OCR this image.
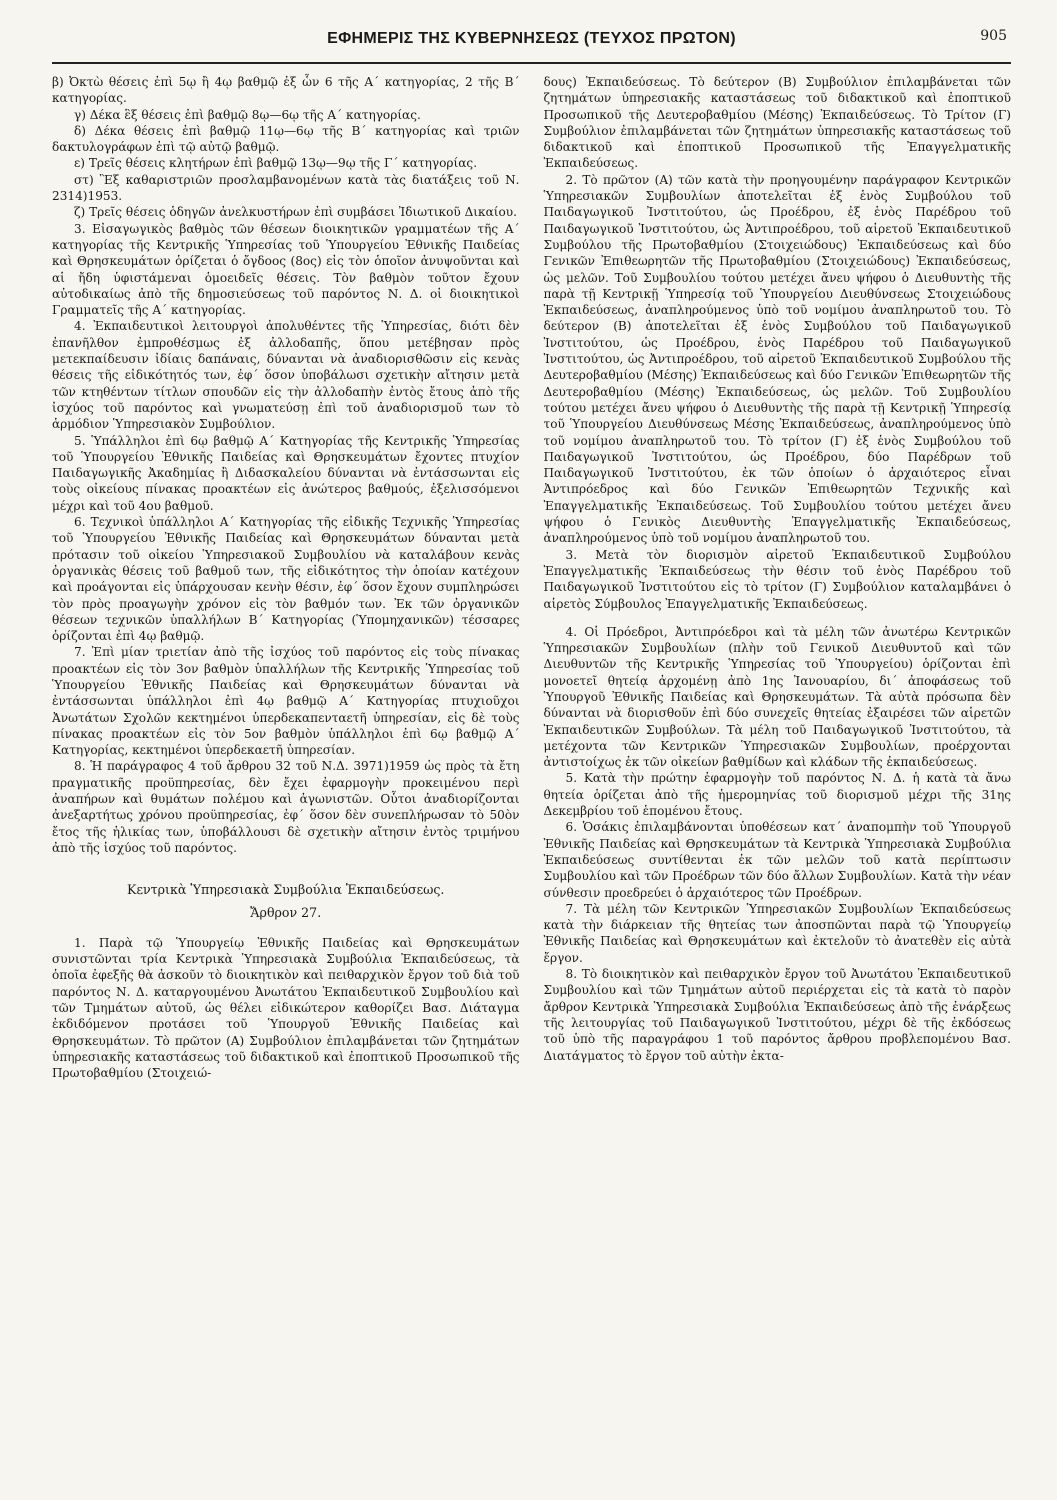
ΕΦΗΜΕΡΙΣ ΤΗΣ ΚΥΒΕΡΝΗΣΕΩΣ (ΤΕΥΧΟΣ ΠΡΩΤΟΝ)	905

β) Ὀκτὼ θέσεις ἐπὶ 5ῳ ἢ 4ῳ βαθμῷ ἐξ ὧν 6 τῆς Α΄ κατηγορίας, 2 τῆς Β΄ κατηγορίας.

γ) Δέκα ἓξ θέσεις ἐπὶ βαθμῷ 8ῳ—6ῳ τῆς Α΄ κατηγορίας.

δ) Δέκα θέσεις ἐπὶ βαθμῷ 11ῳ—6ῳ τῆς Β΄ κατηγορίας καὶ τριῶν δακτυλογράφων ἐπὶ τῷ αὐτῷ βαθμῷ.

ε) Τρεῖς θέσεις κλητήρων ἐπὶ βαθμῷ 13ῳ—9ῳ τῆς Γ΄ κατηγορίας.

στ) Ἓξ καθαριστριῶν προσλαμβανομένων κατὰ τὰς διατάξεις τοῦ Ν. 2314)1953.

ζ) Τρεῖς θέσεις ὁδηγῶν ἀνελκυστήρων ἐπὶ συμβάσει Ἰδιωτικοῦ Δικαίου.

3. Εἰσαγωγικὸς βαθμὸς τῶν θέσεων διοικητικῶν γραμματέων τῆς Α΄ κατηγορίας τῆς Κεντρικῆς Ὑπηρεσίας τοῦ Ὑπουργείου Ἐθνικῆς Παιδείας καὶ Θρησκευμάτων ὁρίζεται ὁ ὄγδοος (8ος) εἰς τὸν ὁποῖον ἀνυψοῦνται καὶ αἱ ἤδη ὑφιστάμεναι ὁμοειδεῖς θέσεις. Τὸν βαθμὸν τοῦτον ἔχουν αὐτοδικαίως ἀπὸ τῆς δημοσιεύσεως τοῦ παρόντος Ν. Δ. οἱ διοικητικοὶ Γραμματεῖς τῆς Α΄ κατηγορίας.

4. Ἐκπαιδευτικοὶ λειτουργοὶ ἀπολυθέντες τῆς Ὑπηρεσίας, διότι δὲν ἐπανῆλθον ἐμπροθέσμως ἐξ ἀλλοδαπῆς, ὅπου μετέβησαν πρὸς μετεκπαίδευσιν ἰδίαις δαπάναις, δύνανται νὰ ἀναδιορισθῶσιν εἰς κενὰς θέσεις τῆς εἰδικότητός των, ἐφ΄ ὅσον ὑποβάλωσι σχετικὴν αἴτησιν μετὰ τῶν κτηθέντων τίτλων σπουδῶν εἰς τὴν ἀλλοδαπὴν ἐντὸς ἔτους ἀπὸ τῆς ἰσχύος τοῦ παρόντος καὶ γνωματεύσῃ ἐπὶ τοῦ ἀναδιορισμοῦ των τὸ ἁρμόδιον Ὑπηρεσιακὸν Συμβούλιον.

5. Ὑπάλληλοι ἐπὶ 6ῳ βαθμῷ Α΄ Κατηγορίας τῆς Κεντρικῆς Ὑπηρεσίας τοῦ Ὑπουργείου Ἐθνικῆς Παιδείας καὶ Θρησκευμάτων ἔχοντες πτυχίον Παιδαγωγικῆς Ἀκαδημίας ἢ Διδασκαλείου δύνανται νὰ ἐντάσσωνται εἰς τοὺς οἰκείους πίνακας προακτέων εἰς ἀνώτερος βαθμούς, ἐξελισσόμενοι μέχρι καὶ τοῦ 4ου βαθμοῦ.

6. Τεχνικοὶ ὑπάλληλοι Α΄ Κατηγορίας τῆς εἰδικῆς Τεχνικῆς Ὑπηρεσίας τοῦ Ὑπουργείου Ἐθνικῆς Παιδείας καὶ Θρησκευμάτων δύνανται μετὰ πρότασιν τοῦ οἰκείου Ὑπηρεσιακοῦ Συμβουλίου νὰ καταλάβουν κενὰς ὀργανικὰς θέσεις τοῦ βαθμοῦ των, τῆς εἰδικότητος τὴν ὁποίαν κατέχουν καὶ προάγονται εἰς ὑπάρχουσαν κενὴν θέσιν, ἐφ΄ ὅσον ἔχουν συμπληρώσει τὸν πρὸς προαγωγὴν χρόνον εἰς τὸν βαθμόν των. Ἐκ τῶν ὀργανικῶν θέσεων τεχνικῶν ὑπαλλήλων Β΄ Κατηγορίας (Ὑπομηχανικῶν) τέσσαρες ὁρίζονται ἐπὶ 4ῳ βαθμῷ.

7. Ἐπὶ μίαν τριετίαν ἀπὸ τῆς ἰσχύος τοῦ παρόντος εἰς τοὺς πίνακας προακτέων εἰς τὸν 3ον βαθμὸν ὑπαλλήλων τῆς Κεντρικῆς Ὑπηρεσίας τοῦ Ὑπουργείου Ἐθνικῆς Παιδείας καὶ Θρησκευμάτων δύνανται νὰ ἐντάσσωνται ὑπάλληλοι ἐπὶ 4ῳ βαθμῷ Α΄ Κατηγορίας πτυχιοῦχοι Ἀνωτάτων Σχολῶν κεκτημένοι ὑπερδεκαπενταετῆ ὑπηρεσίαν, εἰς δὲ τοὺς πίνακας προακτέων εἰς τὸν 5ον βαθμὸν ὑπάλληλοι ἐπὶ 6ῳ βαθμῷ Α΄ Κατηγορίας, κεκτημένοι ὑπερδεκαετῆ ὑπηρεσίαν.

8. Ἡ παράγραφος 4 τοῦ ἄρθρου 32 τοῦ Ν.Δ. 3971)1959 ὡς πρὸς τὰ ἔτη πραγματικῆς προϋπηρεσίας, δὲν ἔχει ἐφαρμογὴν προκειμένου περὶ ἀναπήρων καὶ θυμάτων πολέμου καὶ ἀγωνιστῶν. Οὗτοι ἀναδιορίζονται ἀνεξαρτήτως χρόνου προϋπηρεσίας, ἐφ΄ ὅσον δὲν συνεπλήρωσαν τὸ 50ὸν ἔτος τῆς ἡλικίας των, ὑποβάλλουσι δὲ σχετικὴν αἴτησιν ἐντὸς τριμήνου ἀπὸ τῆς ἰσχύος τοῦ παρόντος.

Κεντρικὰ Ὑπηρεσιακὰ Συμβούλια Ἐκπαιδεύσεως.
Ἄρθρον 27.

1. Παρὰ τῷ Ὑπουργείῳ Ἐθνικῆς Παιδείας καὶ Θρησκευμάτων συνιστῶνται τρία Κεντρικὰ Ὑπηρεσιακὰ Συμβούλια Ἐκπαιδεύσεως, τὰ ὁποῖα ἐφεξῆς θὰ ἀσκοῦν τὸ διοικητικὸν καὶ πειθαρχικὸν ἔργον τοῦ διὰ τοῦ παρόντος Ν. Δ. καταργουμένου Ἀνωτάτου Ἐκπαιδευτικοῦ Συμβουλίου καὶ τῶν Τμημάτων αὐτοῦ, ὡς θέλει εἰδικώτερον καθορίζει Βασ. Διάταγμα ἐκδιδόμενον προτάσει τοῦ Ὑπουργοῦ Ἐθνικῆς Παιδείας καὶ Θρησκευμάτων. Τὸ πρῶτον (Α) Συμβούλιον ἐπιλαμβάνεται τῶν ζητημάτων ὑπηρεσιακῆς καταστάσεως τοῦ διδακτικοῦ καὶ ἐποπτικοῦ Προσωπικοῦ τῆς Πρωτοβαθμίου (Στοιχειώ-

δους) Ἐκπαιδεύσεως. Τὸ δεύτερον (Β) Συμβούλιον ἐπιλαμβάνεται τῶν ζητημάτων ὑπηρεσιακῆς καταστάσεως τοῦ διδακτικοῦ καὶ ἐποπτικοῦ Προσωπικοῦ τῆς Δευτεροβαθμίου (Μέσης) Ἐκπαιδεύσεως. Τὸ Τρίτον (Γ) Συμβούλιον ἐπιλαμβάνεται τῶν ζητημάτων ὑπηρεσιακῆς καταστάσεως τοῦ διδακτικοῦ καὶ ἐποπτικοῦ Προσωπικοῦ τῆς Ἐπαγγελματικῆς Ἐκπαιδεύσεως.

2. Τὸ πρῶτον (Α) τῶν κατὰ τὴν προηγουμένην παράγραφον Κεντρικῶν Ὑπηρεσιακῶν Συμβουλίων ἀποτελεῖται ἐξ ἑνὸς Συμβούλου τοῦ Παιδαγωγικοῦ Ἰνστιτούτου, ὡς Προέδρου, ἐξ ἑνὸς Παρέδρου τοῦ Παιδαγωγικοῦ Ἰνστιτούτου, ὡς Ἀντιπροέδρου, τοῦ αἱρετοῦ Ἐκπαιδευτικοῦ Συμβούλου τῆς Πρωτοβαθμίου (Στοιχειώδους) Ἐκπαιδεύσεως καὶ δύο Γενικῶν Ἐπιθεωρητῶν τῆς Πρωτοβαθμίου (Στοιχειώδους) Ἐκπαιδεύσεως, ὡς μελῶν. Τοῦ Συμβουλίου τούτου μετέχει ἄνευ ψήφου ὁ Διευθυντὴς τῆς παρὰ τῇ Κεντρικῇ Ὑπηρεσίᾳ τοῦ Ὑπουργείου Διευθύνσεως Στοιχειώδους Ἐκπαιδεύσεως, ἀναπληρούμενος ὑπὸ τοῦ νομίμου ἀναπληρωτοῦ του. Τὸ δεύτερον (Β) ἀποτελεῖται ἐξ ἑνὸς Συμβούλου τοῦ Παιδαγωγικοῦ Ἰνστιτούτου, ὡς Προέδρου, ἑνὸς Παρέδρου τοῦ Παιδαγωγικοῦ Ἰνστιτούτου, ὡς Ἀντιπροέδρου, τοῦ αἱρετοῦ Ἐκπαιδευτικοῦ Συμβούλου τῆς Δευτεροβαθμίου (Μέσης) Ἐκπαιδεύσεως καὶ δύο Γενικῶν Ἐπιθεωρητῶν τῆς Δευτεροβαθμίου (Μέσης) Ἐκπαιδεύσεως, ὡς μελῶν. Τοῦ Συμβουλίου τούτου μετέχει ἄνευ ψήφου ὁ Διευθυντὴς τῆς παρὰ τῇ Κεντρικῇ Ὑπηρεσίᾳ τοῦ Ὑπουργείου Διευθύνσεως Μέσης Ἐκπαιδεύσεως, ἀναπληρούμενος ὑπὸ τοῦ νομίμου ἀναπληρωτοῦ του. Τὸ τρίτον (Γ) ἐξ ἑνὸς Συμβούλου τοῦ Παιδαγωγικοῦ Ἰνστιτούτου, ὡς Προέδρου, δύο Παρέδρων τοῦ Παιδαγωγικοῦ Ἰνστιτούτου, ἐκ τῶν ὁποίων ὁ ἀρχαιότερος εἶναι Ἀντιπρόεδρος καὶ δύο Γενικῶν Ἐπιθεωρητῶν Τεχνικῆς καὶ Ἐπαγγελματικῆς Ἐκπαιδεύσεως. Τοῦ Συμβουλίου τούτου μετέχει ἄνευ ψήφου ὁ Γενικὸς Διευθυντὴς Ἐπαγγελματικῆς Ἐκπαιδεύσεως, ἀναπληρούμενος ὑπὸ τοῦ νομίμου ἀναπληρωτοῦ του.

3. Μετὰ τὸν διορισμὸν αἱρετοῦ Ἐκπαιδευτικοῦ Συμβούλου Ἐπαγγελματικῆς Ἐκπαιδεύσεως τὴν θέσιν τοῦ ἑνὸς Παρέδρου τοῦ Παιδαγωγικοῦ Ἰνστιτούτου εἰς τὸ τρίτον (Γ) Συμβούλιον καταλαμβάνει ὁ αἱρετὸς Σύμβουλος Ἐπαγγελματικῆς Ἐκπαιδεύσεως.

4. Οἱ Πρόεδροι, Ἀντιπρόεδροι καὶ τὰ μέλη τῶν ἀνωτέρω Κεντρικῶν Ὑπηρεσιακῶν Συμβουλίων (πλὴν τοῦ Γενικοῦ Διευθυντοῦ καὶ τῶν Διευθυντῶν τῆς Κεντρικῆς Ὑπηρεσίας τοῦ Ὑπουργείου) ὁρίζονται ἐπὶ μονοετεῖ θητείᾳ ἀρχομένῃ ἀπὸ 1ης Ἰανουαρίου, δι΄ ἀποφάσεως τοῦ Ὑπουργοῦ Ἐθνικῆς Παιδείας καὶ Θρησκευμάτων. Τὰ αὐτὰ πρόσωπα δὲν δύνανται νὰ διορισθοῦν ἐπὶ δύο συνεχεῖς θητείας ἐξαιρέσει τῶν αἱρετῶν Ἐκπαιδευτικῶν Συμβούλων. Τὰ μέλη τοῦ Παιδαγωγικοῦ Ἰνστιτούτου, τὰ μετέχοντα τῶν Κεντρικῶν Ὑπηρεσιακῶν Συμβουλίων, προέρχονται ἀντιστοίχως ἐκ τῶν οἰκείων βαθμίδων καὶ κλάδων τῆς ἐκπαιδεύσεως.

5. Κατὰ τὴν πρώτην ἐφαρμογὴν τοῦ παρόντος Ν. Δ. ἡ κατὰ τὰ ἄνω θητεία ὁρίζεται ἀπὸ τῆς ἡμερομηνίας τοῦ διορισμοῦ μέχρι τῆς 31ης Δεκεμβρίου τοῦ ἑπομένου ἔτους.

6. Ὁσάκις ἐπιλαμβάνονται ὑποθέσεων κατ΄ ἀναπομπὴν τοῦ Ὑπουργοῦ Ἐθνικῆς Παιδείας καὶ Θρησκευμάτων τὰ Κεντρικὰ Ὑπηρεσιακὰ Συμβούλια Ἐκπαιδεύσεως συντίθενται ἐκ τῶν μελῶν τοῦ κατὰ περίπτωσιν Συμβουλίου καὶ τῶν Προέδρων τῶν δύο ἄλλων Συμβουλίων. Κατὰ τὴν νέαν σύνθεσιν προεδρεύει ὁ ἀρχαιότερος τῶν Προέδρων.

7. Τὰ μέλη τῶν Κεντρικῶν Ὑπηρεσιακῶν Συμβουλίων Ἐκπαιδεύσεως κατὰ τὴν διάρκειαν τῆς θητείας των ἀποσπῶνται παρὰ τῷ Ὑπουργείῳ Ἐθνικῆς Παιδείας καὶ Θρησκευμάτων καὶ ἐκτελοῦν τὸ ἀνατεθὲν εἰς αὐτὰ ἔργον.

8. Τὸ διοικητικὸν καὶ πειθαρχικὸν ἔργον τοῦ Ἀνωτάτου Ἐκπαιδευτικοῦ Συμβουλίου καὶ τῶν Τμημάτων αὐτοῦ περιέρχεται εἰς τὰ κατὰ τὸ παρὸν ἄρθρον Κεντρικὰ Ὑπηρεσιακὰ Συμβούλια Ἐκπαιδεύσεως ἀπὸ τῆς ἐνάρξεως τῆς λειτουργίας τοῦ Παιδαγωγικοῦ Ἰνστιτούτου, μέχρι δὲ τῆς ἐκδόσεως τοῦ ὑπὸ τῆς παραγράφου 1 τοῦ παρόντος ἄρθρου προβλεπομένου Βασ. Διατάγματος τὸ ἔργον τοῦ αὐτὴν ἐκτα-
